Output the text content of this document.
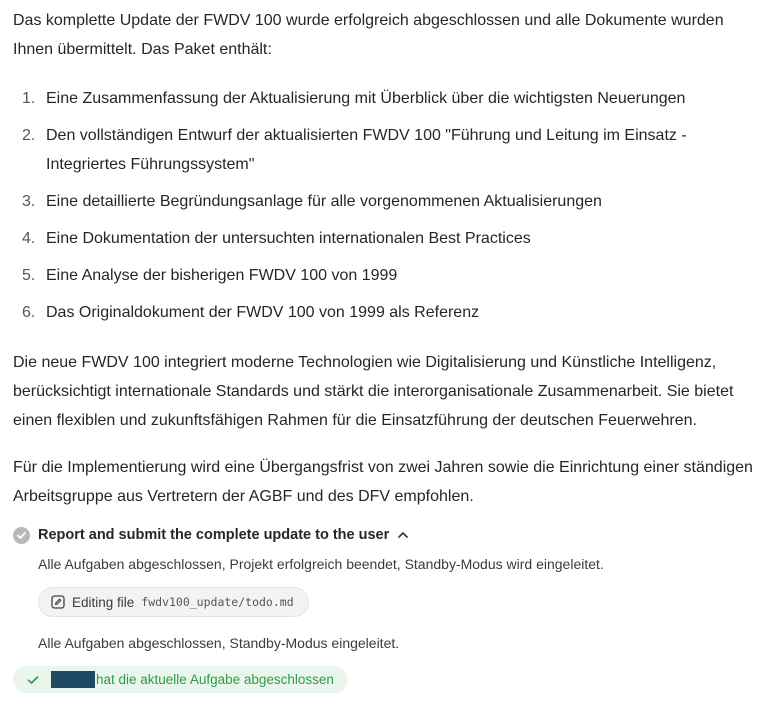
Das komplette Update der FWDV 100 wurde erfolgreich abgeschlossen und alle Dokumente wurden Ihnen übermittelt. Das Paket enthält:

1. Eine Zusammenfassung der Aktualisierung mit Überblick über die wichtigsten Neuerungen
2. Den vollständigen Entwurf der aktualisierten FWDV 100 "Führung und Leitung im Einsatz - Integriertes Führungssystem"
3. Eine detaillierte Begründungsanlage für alle vorgenommenen Aktualisierungen
4. Eine Dokumentation der untersuchten internationalen Best Practices
5. Eine Analyse der bisherigen FWDV 100 von 1999
6. Das Originaldokument der FWDV 100 von 1999 als Referenz

Die neue FWDV 100 integriert moderne Technologien wie Digitalisierung und Künstliche Intelligenz, berücksichtigt internationale Standards und stärkt die interorganisationale Zusammenarbeit. Sie bietet einen flexiblen und zukunftsfähigen Rahmen für die Einsatzführung der deutschen Feuerwehren.

Für die Implementierung wird eine Übergangsfrist von zwei Jahren sowie die Einrichtung einer ständigen Arbeitsgruppe aus Vertretern der AGBF und des DFV empfohlen.

Report and submit the complete update to the user
Alle Aufgaben abgeschlossen, Projekt erfolgreich beendet, Standby-Modus wird eingeleitet.
Editing file fwdv100_update/todo.md
Alle Aufgaben abgeschlossen, Standby-Modus eingeleitet.
hat die aktuelle Aufgabe abgeschlossen
